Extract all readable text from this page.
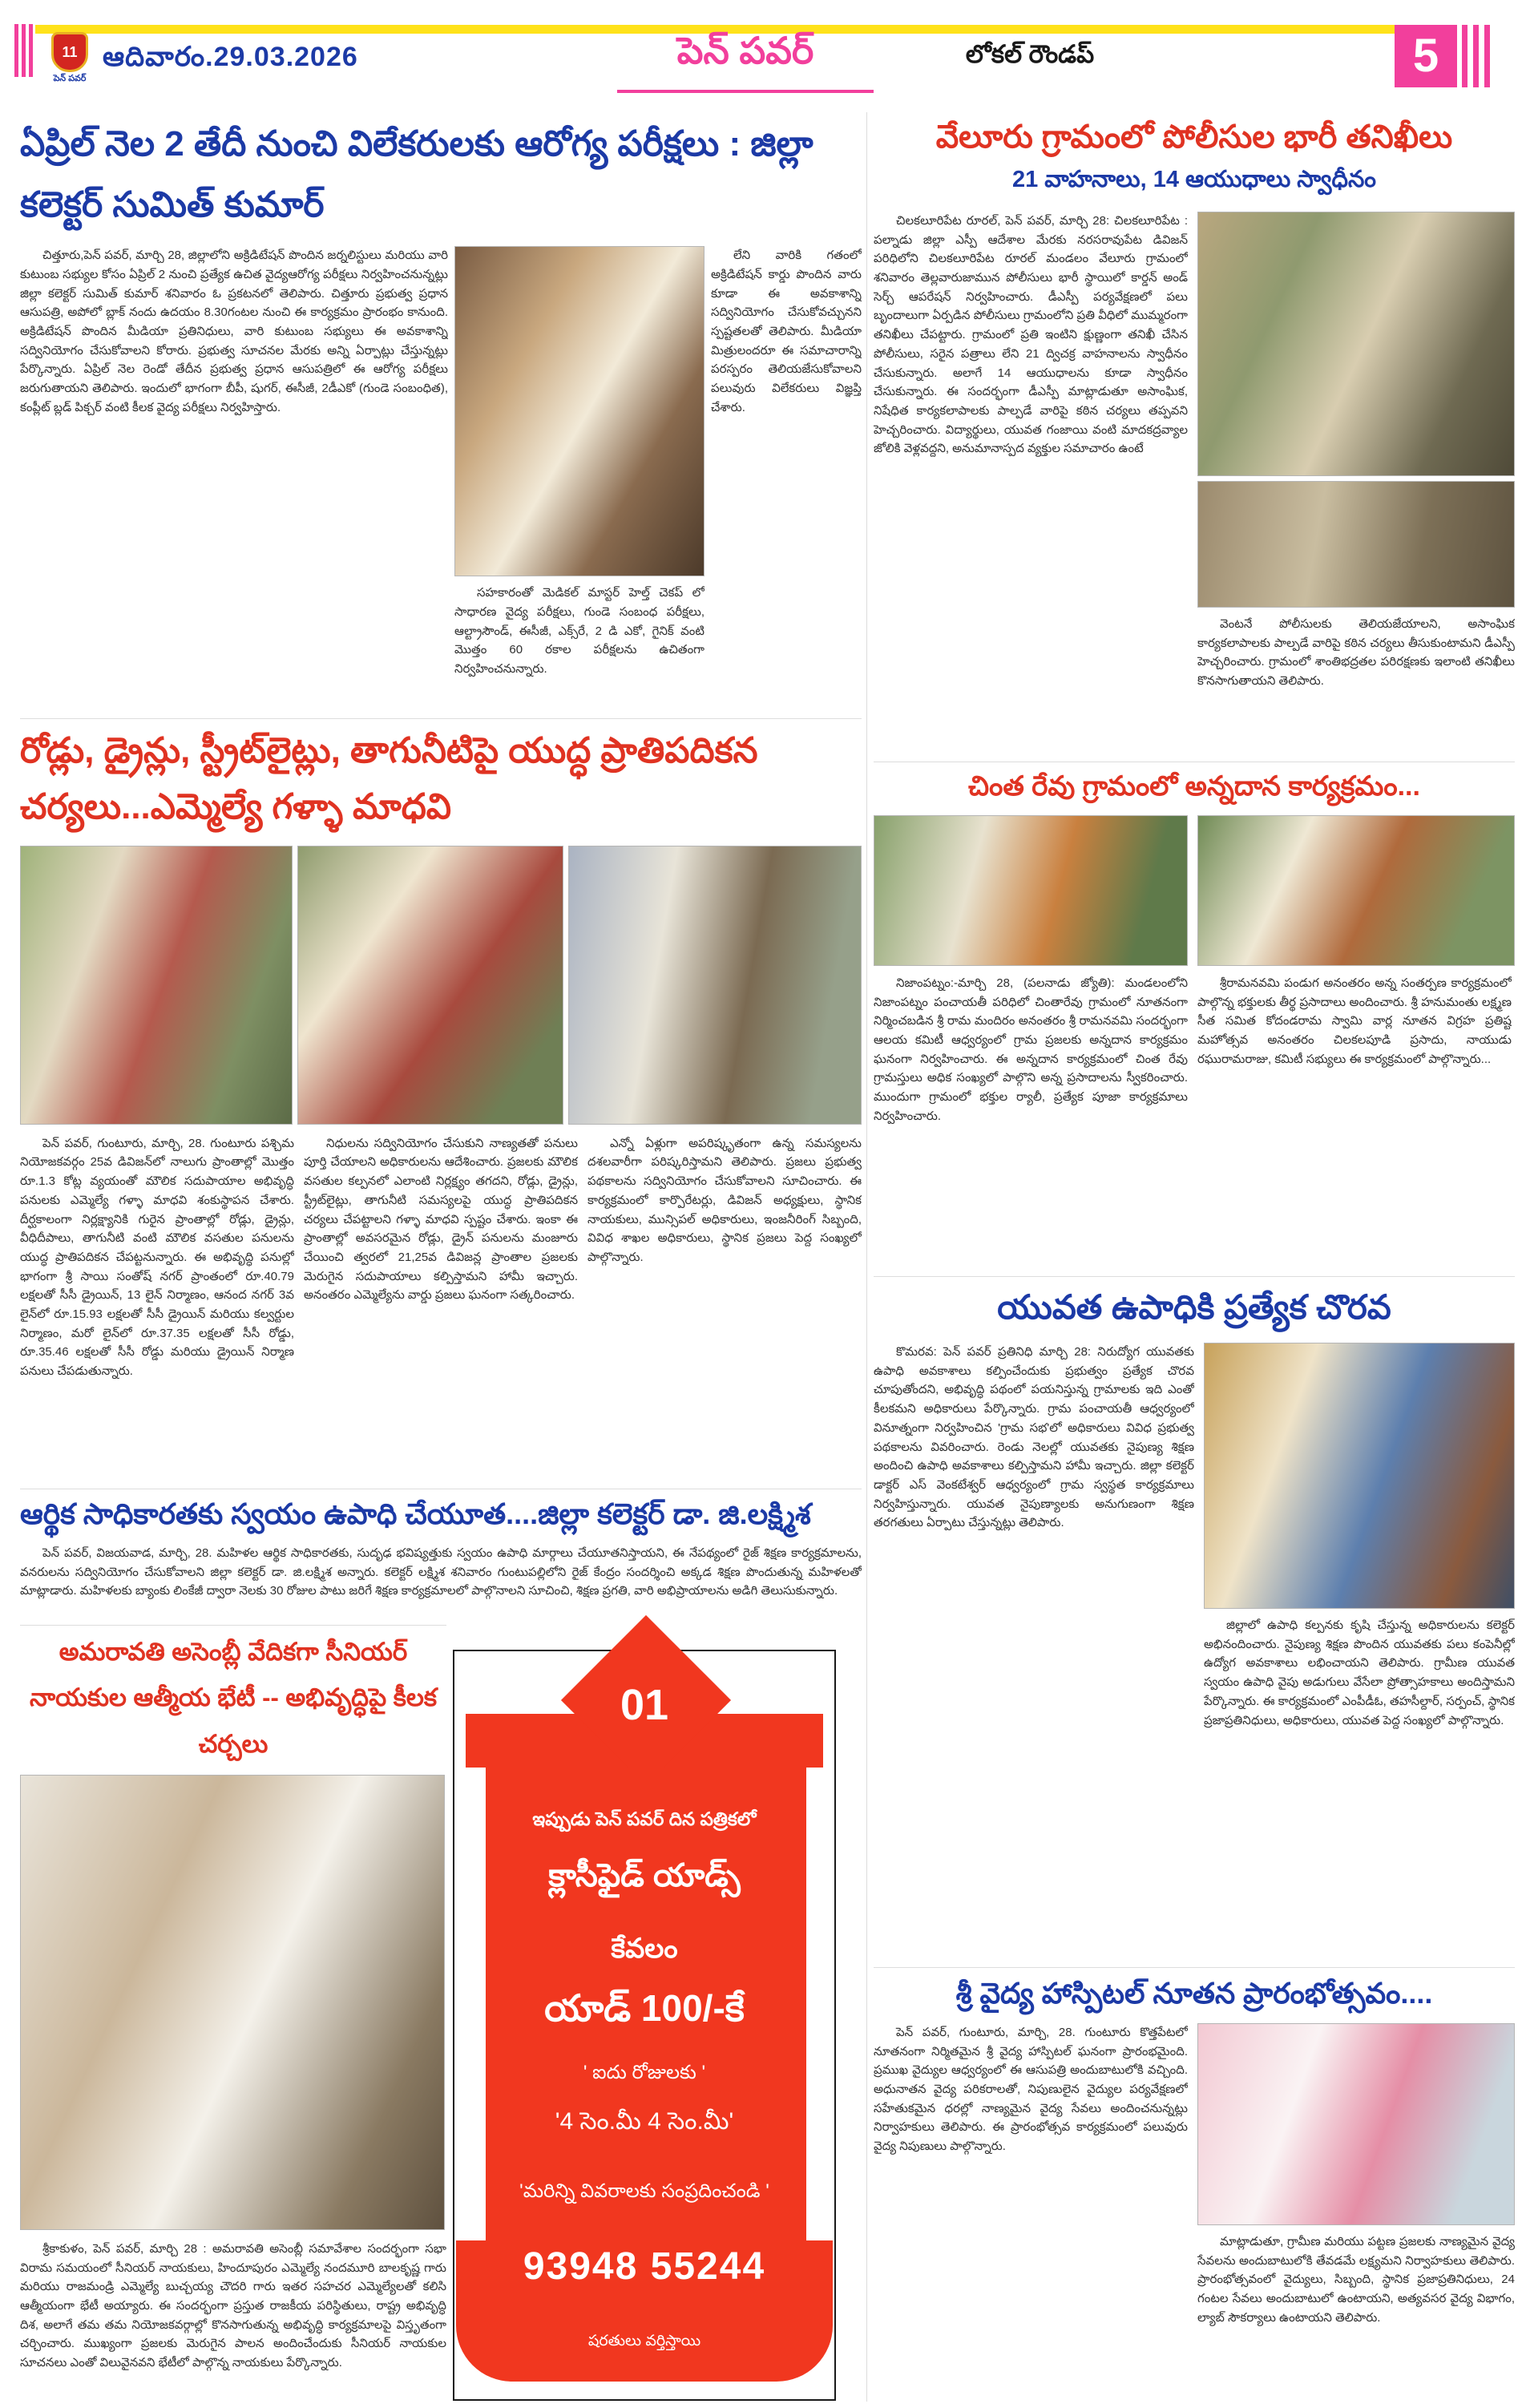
11
పెన్ పవర్
ఆదివారం.29.03.2026	పెన్ పవర్	లోకల్ రౌండప్	5
ఏప్రిల్ నెల 2 తేదీ నుంచి విలేకరులకు ఆరోగ్య పరీక్షలు : జిల్లా కలెక్టర్ సుమిత్ కుమార్
చిత్తూరు,పెన్ పవర్, మార్చి 28, జిల్లాలోని అక్రిడిటేషన్ పొందిన జర్నలిస్టులు మరియు వారి కుటుంబ సభ్యుల కోసం ఏప్రిల్ 2 నుంచి ప్రత్యేక ఉచిత వైద్యఆరోగ్య పరీక్షలు నిర్వహించనున్నట్లు జిల్లా కలెక్టర్ సుమిత్ కుమార్ శనివారం ఓ ప్రకటనలో తెలిపారు. చిత్తూరు ప్రభుత్వ ప్రధాన ఆసుపత్రి, అపోలో బ్లాక్ నందు ఉదయం 8.30గంటల నుంచి ఈ కార్యక్రమం ప్రారంభం కానుంది. అక్రిడిటేషన్ పొందిన మీడియా ప్రతినిధులు, వారి కుటుంబ సభ్యులు ఈ అవకాశాన్ని సద్వినియోగం చేసుకోవాలని కోరారు. ప్రభుత్వ సూచనల మేరకు అన్ని ఏర్పాట్లు చేస్తున్నట్లు పేర్కొన్నారు. ఏప్రిల్ నెల రెండో తేదీన ప్రభుత్వ ప్రధాన ఆసుపత్రిలో ఈ ఆరోగ్య పరీక్షలు జరుగుతాయని తెలిపారు. ఇందులో భాగంగా బీపీ, షుగర్, ఈసీజీ, 2డీఎకో (గుండె సంబంధిత), కంప్లీట్ బ్లడ్ పిక్చర్ వంటి కీలక వైద్య పరీక్షలు నిర్వహిస్తారు.
సహకారంతో మెడికల్ మాస్టర్ హెల్త్ చెకప్ లో సాధారణ వైద్య పరీక్షలు, గుండె సంబంధ పరీక్షలు, ఆల్ట్రాసౌండ్, ఈసీజీ, ఎక్స్‌రే, 2 డి ఎకో, గైనిక్ వంటి మొత్తం 60 రకాల పరీక్షలను ఉచితంగా నిర్వహించనున్నారు.
లేని వారికి గతంలో అక్రిడిటేషన్ కార్డు పొందిన వారు కూడా ఈ అవకాశాన్ని సద్వినియోగం చేసుకోవచ్చునని స్పష్టతలతో తెలిపారు. మీడియా మిత్రులందరూ ఈ సమాచారాన్ని పరస్పరం తెలియజేసుకోవాలని పలువురు విలేకరులు విజ్ఞప్తి చేశారు.
వేలూరు గ్రామంలో పోలీసుల భారీ తనిఖీలు
21 వాహనాలు, 14 ఆయుధాలు స్వాధీనం
చిలకలూరిపేట రూరల్, పెన్ పవర్, మార్చి 28: చిలకలూరిపేట : పల్నాడు జిల్లా ఎస్పీ ఆదేశాల మేరకు నరసరావుపేట డివిజన్ పరిధిలోని చిలకలూరిపేట రూరల్ మండలం వేలూరు గ్రామంలో శనివారం తెల్లవారుజామున పోలీసులు భారీ స్థాయిలో కార్డన్ అండ్ సెర్చ్ ఆపరేషన్ నిర్వహించారు. డీఎస్పీ పర్యవేక్షణలో పలు బృందాలుగా ఏర్పడిన పోలీసులు గ్రామంలోని ప్రతి వీధిలో ముమ్మరంగా తనిఖీలు చేపట్టారు. గ్రామంలో ప్రతి ఇంటిని క్షుణ్ణంగా తనిఖీ చేసిన పోలీసులు, సరైన పత్రాలు లేని 21 ద్విచక్ర వాహనాలను స్వాధీనం చేసుకున్నారు. అలాగే 14 ఆయుధాలను కూడా స్వాధీనం చేసుకున్నారు. ఈ సందర్భంగా డీఎస్పీ మాట్లాడుతూ అసాంఘిక, నిషేధిత కార్యకలాపాలకు పాల్పడే వారిపై కఠిన చర్యలు తప్పవని హెచ్చరించారు. విద్యార్థులు, యువత గంజాయి వంటి మాదకద్రవ్యాల జోలికి వెళ్లవద్దని, అనుమానాస్పద వ్యక్తుల సమాచారం ఉంటే
వెంటనే పోలీసులకు తెలియజేయాలని, అసాంఘిక కార్యకలాపాలకు పాల్పడే వారిపై కఠిన చర్యలు తీసుకుంటామని డీఎస్పీ హెచ్చరించారు. గ్రామంలో శాంతిభద్రతల పరిరక్షణకు ఇలాంటి తనిఖీలు కొనసాగుతాయని తెలిపారు.
రోడ్లు, డ్రైన్లు, స్ట్రీట్‌లైట్లు, తాగునీటిపై యుద్ధ ప్రాతిపదికన చర్యలు...ఎమ్మెల్యే గళ్ళా మాధవి
పెన్ పవర్, గుంటూరు, మార్చి, 28. గుంటూరు పశ్చిమ నియోజకవర్గం 25వ డివిజన్‌లో నాలుగు ప్రాంతాల్లో మొత్తం రూ.1.3 కోట్ల వ్యయంతో మౌలిక సదుపాయాల అభివృద్ధి పనులకు ఎమ్మెల్యే గళ్ళా మాధవి శంకుస్థాపన చేశారు. దీర్ఘకాలంగా నిర్లక్ష్యానికి గురైన ప్రాంతాల్లో రోడ్లు, డ్రైన్లు, వీధిదీపాలు, తాగునీటి వంటి మౌలిక వసతుల పనులను యుద్ధ ప్రాతిపదికన చేపట్టనున్నారు. ఈ అభివృద్ధి పనుల్లో భాగంగా శ్రీ సాయి సంతోష్ నగర్ ప్రాంతంలో రూ.40.79 లక్షలతో సీసీ డ్రైయిన్, 13 లైన్ నిర్మాణం, ఆనంద నగర్ 3వ లైన్‌లో రూ.15.93 లక్షలతో సీసీ డ్రైయిన్ మరియు కల్వర్టుల నిర్మాణం, మరో లైన్‌లో రూ.37.35 లక్షలతో సీసీ రోడ్డు, రూ.35.46 లక్షలతో సీసీ రోడ్డు మరియు డ్రైయిన్ నిర్మాణ పనులు చేపడుతున్నారు.
నిధులను సద్వినియోగం చేసుకుని నాణ్యతతో పనులు పూర్తి చేయాలని అధికారులను ఆదేశించారు. ప్రజలకు మౌలిక వసతుల కల్పనలో ఎలాంటి నిర్లక్ష్యం తగదని, రోడ్లు, డ్రైన్లు, స్ట్రీట్‌లైట్లు, తాగునీటి సమస్యలపై యుద్ధ ప్రాతిపదికన చర్యలు చేపట్టాలని గళ్ళా మాధవి స్పష్టం చేశారు. ఇంకా ఈ ప్రాంతాల్లో అవసరమైన రోడ్లు, డ్రైన్ పనులను మంజూరు చేయించి త్వరలో 21,25వ డివిజన్ల ప్రాంతాల ప్రజలకు మెరుగైన సదుపాయాలు కల్పిస్తామని హామీ ఇచ్చారు. అనంతరం ఎమ్మెల్యేను వార్డు ప్రజలు ఘనంగా సత్కరించారు.
ఎన్నో ఏళ్లుగా అపరిష్కృతంగా ఉన్న సమస్యలను దశలవారీగా పరిష్కరిస్తామని తెలిపారు. ప్రజలు ప్రభుత్వ పథకాలను సద్వినియోగం చేసుకోవాలని సూచించారు. ఈ కార్యక్రమంలో కార్పొరేటర్లు, డివిజన్ అధ్యక్షులు, స్థానిక నాయకులు, మున్సిపల్ అధికారులు, ఇంజనీరింగ్ సిబ్బంది, వివిధ శాఖల అధికారులు, స్థానిక ప్రజలు పెద్ద సంఖ్యలో పాల్గొన్నారు.
చింత రేవు గ్రామంలో అన్నదాన కార్యక్రమం...
నిజాంపట్నం:-మార్చి 28, (పలనాడు జ్యోతి): మండలంలోని నిజాంపట్నం పంచాయతీ పరిధిలో చింతారేవు గ్రామంలో నూతనంగా నిర్మించబడిన శ్రీ రామ మందిరం అనంతరం శ్రీ రామనవమి సందర్భంగా ఆలయ కమిటీ ఆధ్వర్యంలో గ్రామ ప్రజలకు అన్నదాన కార్యక్రమం ఘనంగా నిర్వహించారు. ఈ అన్నదాన కార్యక్రమంలో చింత రేవు గ్రామస్తులు అధిక సంఖ్యలో పాల్గొని అన్న ప్రసాదాలను స్వీకరించారు. ముందుగా గ్రామంలో భక్తుల ర్యాలీ, ప్రత్యేక పూజా కార్యక్రమాలు నిర్వహించారు.
శ్రీరామనవమి పండుగ అనంతరం అన్న సంతర్పణ కార్యక్రమంలో పాల్గొన్న భక్తులకు తీర్థ ప్రసాదాలు అందించారు. శ్రీ హనుమంతు లక్ష్మణ సీత సమిత కోదండరామ స్వామి వార్ల నూతన విగ్రహ ప్రతిష్ట మహోత్సవ అనంతరం చిలకలపూడి ప్రసాదు, నాయుడు రఘురామరాజు, కమిటీ సభ్యులు ఈ కార్యక్రమంలో పాల్గొన్నారు...
యువత ఉపాధికి ప్రత్యేక చొరవ
కొమరవ: పెన్ పవర్ ప్రతినిధి మార్చి 28: నిరుద్యోగ యువతకు ఉపాధి అవకాశాలు కల్పించేందుకు ప్రభుత్వం ప్రత్యేక చొరవ చూపుతోందని, అభివృద్ధి పథంలో పయనిస్తున్న గ్రామాలకు ఇది ఎంతో కీలకమని అధికారులు పేర్కొన్నారు. గ్రామ పంచాయతీ ఆధ్వర్యంలో వినూత్నంగా నిర్వహించిన 'గ్రామ సభ'లో అధికారులు వివిధ ప్రభుత్వ పథకాలను వివరించారు. రెండు నెలల్లో యువతకు నైపుణ్య శిక్షణ అందించి ఉపాధి అవకాశాలు కల్పిస్తామని హామీ ఇచ్చారు. జిల్లా కలెక్టర్ డాక్టర్ ఎస్ వెంకటేశ్వర్ ఆధ్వర్యంలో గ్రామ స్వస్థత కార్యక్రమాలు నిర్వహిస్తున్నారు. యువత నైపుణ్యాలకు అనుగుణంగా శిక్షణ తరగతులు ఏర్పాటు చేస్తున్నట్లు తెలిపారు.
జిల్లాలో ఉపాధి కల్పనకు కృషి చేస్తున్న అధికారులను కలెక్టర్ అభినందించారు. నైపుణ్య శిక్షణ పొందిన యువతకు పలు కంపెనీల్లో ఉద్యోగ అవకాశాలు లభించాయని తెలిపారు. గ్రామీణ యువత స్వయం ఉపాధి వైపు అడుగులు వేసేలా ప్రోత్సాహకాలు అందిస్తామని పేర్కొన్నారు. ఈ కార్యక్రమంలో ఎంపీడీఓ, తహసీల్దార్, సర్పంచ్, స్థానిక ప్రజాప్రతినిధులు, అధికారులు, యువత పెద్ద సంఖ్యలో పాల్గొన్నారు.
ఆర్థిక సాధికారతకు స్వయం ఉపాధి చేయూత....జిల్లా కలెక్టర్ డా. జి.లక్ష్మిశ
పెన్ పవర్, విజయవాడ, మార్చి, 28. మహిళల ఆర్థిక సాధికారతకు, సుదృఢ భవిష్యత్తుకు స్వయం ఉపాధి మార్గాలు చేయూతనిస్తాయని, ఈ నేపథ్యంలో రైజ్ శిక్షణ కార్యక్రమాలను, వనరులను సద్వినియోగం చేసుకోవాలని జిల్లా కలెక్టర్ డా. జి.లక్ష్మిశ అన్నారు. కలెక్టర్ లక్ష్మిశ శనివారం గుంటుపల్లిలోని రైజ్ కేంద్రం సందర్శించి అక్కడ శిక్షణ పొందుతున్న మహిళలతో మాట్లాడారు. మహిళలకు బ్యాంకు లింకేజీ ద్వారా నెలకు 30 రోజుల పాటు జరిగే శిక్షణ కార్యక్రమాలలో పాల్గొనాలని సూచించి, శిక్షణ ప్రగతి, వారి అభిప్రాయాలను అడిగి తెలుసుకున్నారు.
అమరావతి అసెంబ్లీ వేదికగా సీనియర్ నాయకుల ఆత్మీయ భేటీ -- అభివృద్ధిపై కీలక చర్చలు
శ్రీకాకుళం, పెన్ పవర్, మార్చి 28 : అమరావతి అసెంబ్లీ సమావేశాల సందర్భంగా సభా విరామ సమయంలో సీనియర్ నాయకులు, హిందూపురం ఎమ్మెల్యే నందమూరి బాలకృష్ణ గారు మరియు రాజమండ్రి ఎమ్మెల్యే బుచ్చయ్య చౌదరి గారు ఇతర సహచర ఎమ్మెల్యేలతో కలిసి ఆత్మీయంగా భేటీ అయ్యారు. ఈ సందర్భంగా ప్రస్తుత రాజకీయ పరిస్థితులు, రాష్ట్ర అభివృద్ధి దిశ, అలాగే తమ తమ నియోజకవర్గాల్లో కొనసాగుతున్న అభివృద్ధి కార్యక్రమాలపై విస్తృతంగా చర్చించారు. ముఖ్యంగా ప్రజలకు మెరుగైన పాలన అందించేందుకు సీనియర్ నాయకుల సూచనలు ఎంతో విలువైనవని భేటీలో పాల్గొన్న నాయకులు పేర్కొన్నారు.
01
ఇప్పుడు పెన్ పవర్ దిన పత్రికలో
క్లాసీఫైడ్ యాడ్స్
కేవలం
యాడ్ 100/-కే
' ఐదు రోజులకు '
'4 సెం.మీ 4 సెం.మీ'
'మరిన్ని వివరాలకు సంప్రదించండి '
93948 55244
షరతులు వర్తిస్తాయి
శ్రీ వైద్య హాస్పిటల్ నూతన ప్రారంభోత్సవం....
పెన్ పవర్, గుంటూరు, మార్చి, 28. గుంటూరు కొత్తపేటలో నూతనంగా నిర్మితమైన శ్రీ వైద్య హాస్పిటల్ ఘనంగా ప్రారంభమైంది. ప్రముఖ వైద్యుల ఆధ్వర్యంలో ఈ ఆసుపత్రి అందుబాటులోకి వచ్చింది. అధునాతన వైద్య పరికరాలతో, నిపుణులైన వైద్యుల పర్యవేక్షణలో సహేతుకమైన ధరల్లో నాణ్యమైన వైద్య సేవలు అందించనున్నట్లు నిర్వాహకులు తెలిపారు. ఈ ప్రారంభోత్సవ కార్యక్రమంలో పలువురు వైద్య నిపుణులు పాల్గొన్నారు.
మాట్లాడుతూ, గ్రామీణ మరియు పట్టణ ప్రజలకు నాణ్యమైన వైద్య సేవలను అందుబాటులోకి తేవడమే లక్ష్యమని నిర్వాహకులు తెలిపారు. ప్రారంభోత్సవంలో వైద్యులు, సిబ్బంది, స్థానిక ప్రజాప్రతినిధులు, 24 గంటల సేవలు అందుబాటులో ఉంటాయని, అత్యవసర వైద్య విభాగం, ల్యాబ్ సౌకర్యాలు ఉంటాయని తెలిపారు.
